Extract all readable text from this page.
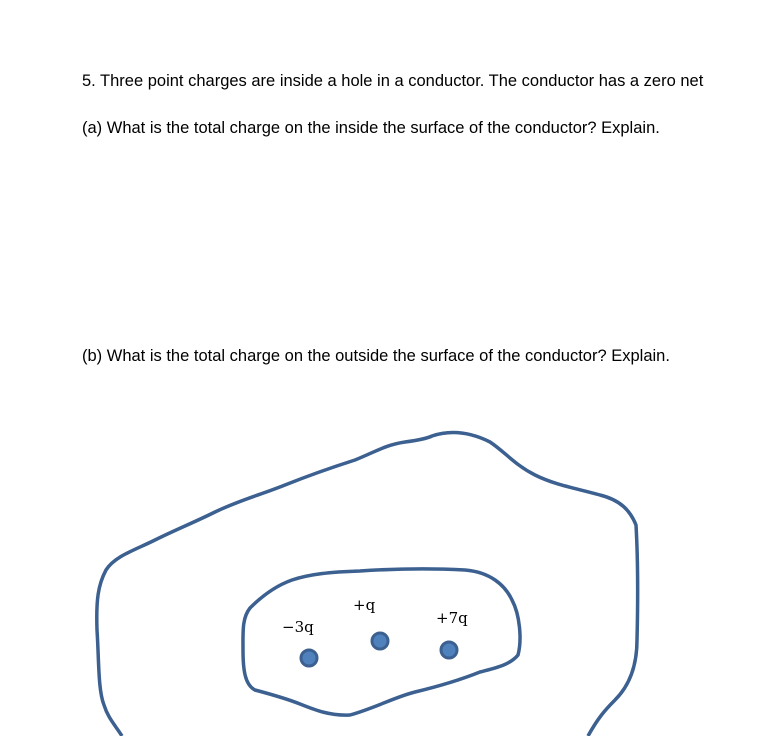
5. Three point charges are inside a hole in a conductor. The conductor has a zero net
(a) What is the total charge on the inside the surface of the conductor? Explain.
(b) What is the total charge on the outside the surface of the conductor? Explain.
−3q
+q
+7q
